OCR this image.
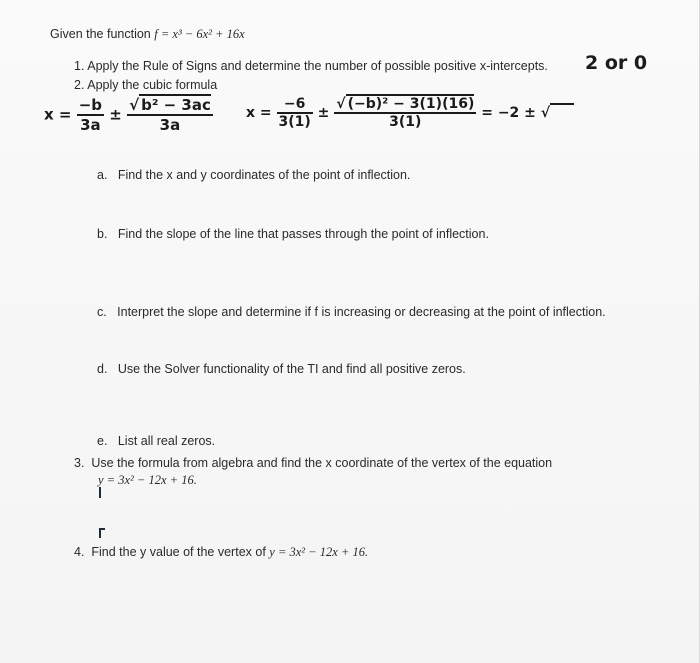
Given the function f = x³ − 6x² + 16x
1. Apply the Rule of Signs and determine the number of possible positive x-intercepts. 2 or 0
2. Apply the cubic formula
$x = \frac{-b}{3a} \pm \frac{\text{√ b² − 3ac}}{3a}$ $x = \frac{-6}{3(1)} \pm \frac{\text{√ (−b)² − 3(1)(16)}}{3(1)} = -2$ ± √
a. Find the x and y coordinates of the point of inflection.
b. Find the slope of the line that passes through the point of inflection.
c. Interpret the slope and determine if f is increasing or decreasing at the point of inflection.
d. Use the Solver functionality of the TI and find all positive zeros.
e. List all real zeros.
3. Use the formula from algebra and find the x coordinate of the vertex of the equation
y = 3x² − 12x + 16.
4. Find the y value of the vertex of y = 3x² − 12x + 16.
